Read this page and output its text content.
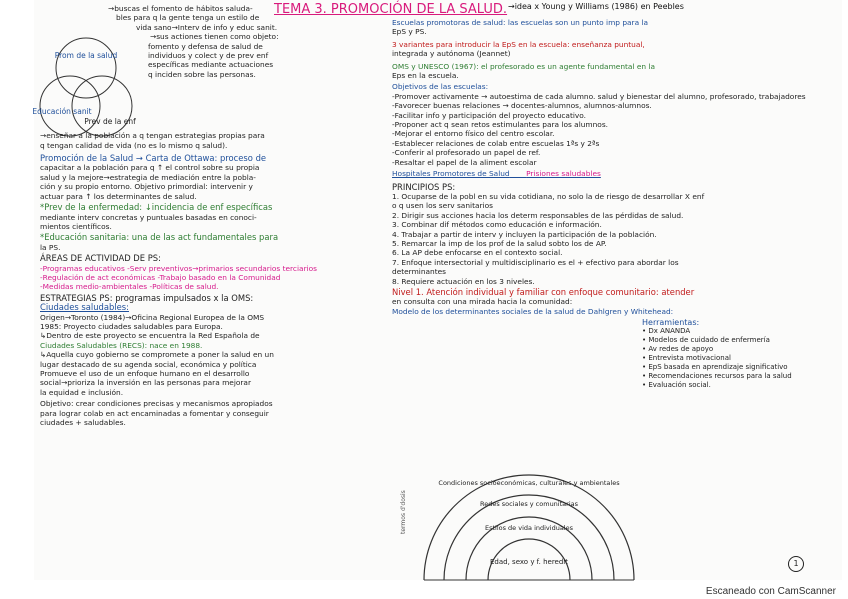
TEMA 3. PROMOCIÓN DE LA SALUD. →idea x Young y Williams (1986) en Peebles
Prom de la salud
Educación sanit
Prev de la enf

→buscas el fomento de hábitos saluda-

bles para q la gente tenga un estilo de

vida sano→Interv de info y educ sanit.

→sus actiones tienen como objeto:

fomento y defensa de salud de

individuos y colect y de prev enf

específicas mediante actuaciones

q inciden sobre las personas.

→enseñar a la población a q tengan estrategias propias para

q tengan calidad de vida (no es lo mismo q salud).

Promoción de la Salud → Carta de Ottawa: proceso de

capacitar a la población para q ↑ el control sobre su propia

salud y la mejore→estrategia de mediación entre la pobla-

ción y su propio entorno. Objetivo primordial: intervenir y

actuar para ↑ los determinantes de salud.

*Prev de la enfermedad: ↓incidencia de enf específicas

mediante interv concretas y puntuales basadas en conoci-

mientos científicos.

*Educación sanitaria: una de las act fundamentales para

la PS.

ÁREAS DE ACTIVIDAD DE PS:

-Programas educativos -Serv preventivos→primarios secundarios terciarios

-Regulación de act económicas -Trabajo basado en la Comunidad

-Medidas medio-ambientales -Políticas de salud.

ESTRATEGIAS PS: programas impulsados x la OMS:

Ciudades saludables:

Origen→Toronto (1984)→Oficina Regional Europea de la OMS

1985: Proyecto ciudades saludables para Europa.

↳Dentro de este proyecto se encuentra la Red Española de

Ciudades Saludables (RECS): nace en 1988.

↳Aquella cuyo gobierno se compromete a poner la salud en un

lugar destacado de su agenda social, económica y política

Promueve el uso de un enfoque humano en el desarrollo

social→prioriza la inversión en las personas para mejorar

la equidad e inclusión.

Objetivo: crear condiciones precisas y mecanismos apropiados

para lograr colab en act encaminadas a fomentar y conseguir

ciudades + saludables.

Escuelas promotoras de salud: las escuelas son un punto imp para la

EpS y PS.

3 variantes para introducir la EpS en la escuela: enseñanza puntual,

integrada y autónoma (Jeannet)

OMS y UNESCO (1967): el profesorado es un agente fundamental en la

Eps en la escuela.

Objetivos de las escuelas:

-Promover activamente → autoestima de cada alumno. salud y bienestar del alumno, profesorado, trabajadores

-Favorecer buenas relaciones → docentes-alumnos, alumnos-alumnos.

-Facilitar info y participación del proyecto educativo.

-Proponer act q sean retos estimulantes para los alumnos.

-Mejorar el entorno físico del centro escolar.

-Establecer relaciones de colab entre escuelas 1ªs y 2ªs

-Conferir al profesorado un papel de ref.

-Resaltar el papel de la aliment escolar

Hospitales Promotores de Salud Prisiones saludables

PRINCIPIOS PS:

1. Ocuparse de la pobl en su vida cotidiana, no solo la de riesgo de desarrollar X enf

o q usen los serv sanitarios

2. Dirigir sus acciones hacia los determ responsables de las pérdidas de salud.

3. Combinar dif métodos como educación e información.

4. Trabajar a partir de interv y incluyen la participación de la población.

5. Remarcar la imp de los prof de la salud sobto los de AP.

6. La AP debe enfocarse en el contexto social.

7. Enfoque intersectorial y multidisciplinario es el + efectivo para abordar los

determinantes

8. Requiere actuación en los 3 niveles.

Nivel 1. Atención individual y familiar con enfoque comunitario: atender

en consulta con una mirada hacia la comunidad:

Modelo de los determinantes sociales de la salud de Dahlgren y Whitehead:

Herramientas:

• Dx ANANDA

• Modelos de cuidado de enfermería

• Av redes de apoyo

• Entrevista motivacional

• EpS basada en aprendizaje significativo

• Recomendaciones recursos para la salud

• Evaluación social.

Edad, sexo y f. heredit
Estilos de vida individuales
Redes sociales y comunitarias
Condiciones socioeconómicas, culturales y ambientales
termos d'dosis
1
Escaneado con CamScanner
